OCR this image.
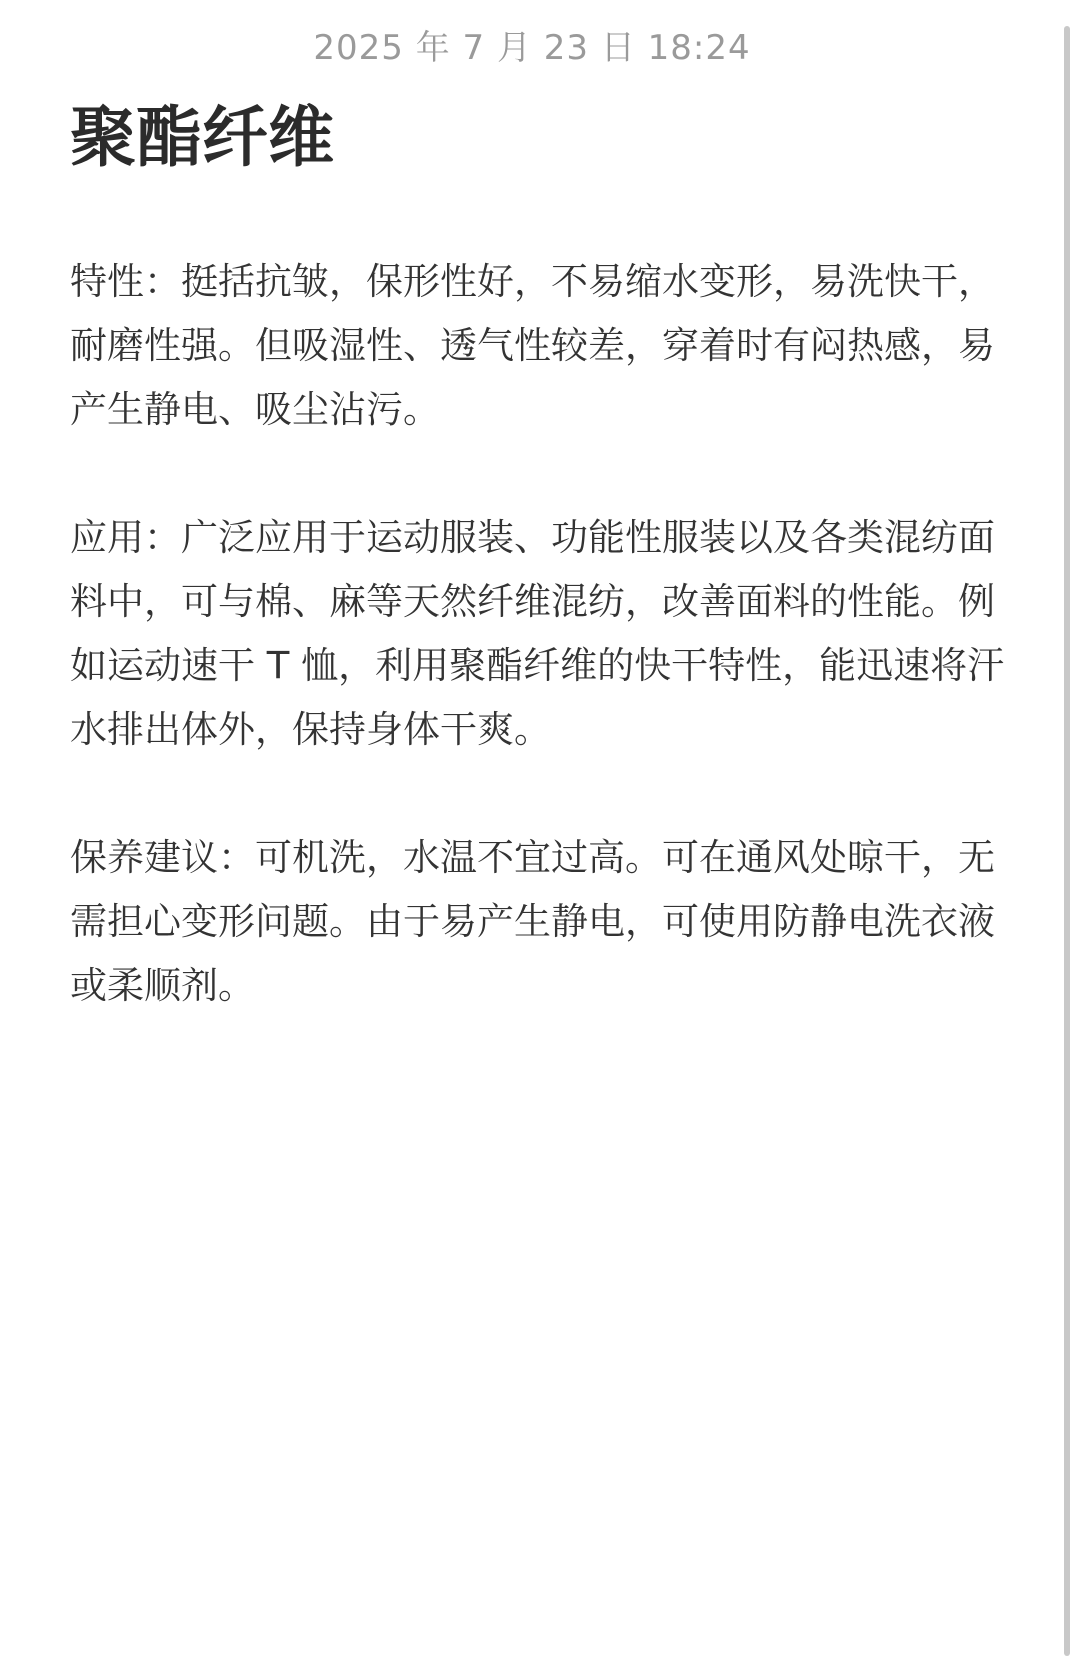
2025 年 7 月 23 日 18:24
聚酯纤维

特性：挺括抗皱，保形性好，不易缩水变形，易洗快干，耐磨性强。但吸湿性、透气性较差，穿着时有闷热感，易产生静电、吸尘沾污。

应用：广泛应用于运动服装、功能性服装以及各类混纺面料中，可与棉、麻等天然纤维混纺，改善面料的性能。例如运动速干 T 恤，利用聚酯纤维的快干特性，能迅速将汗水排出体外，保持身体干爽。

保养建议：可机洗，水温不宜过高。可在通风处晾干，无需担心变形问题。由于易产生静电，可使用防静电洗衣液或柔顺剂。
